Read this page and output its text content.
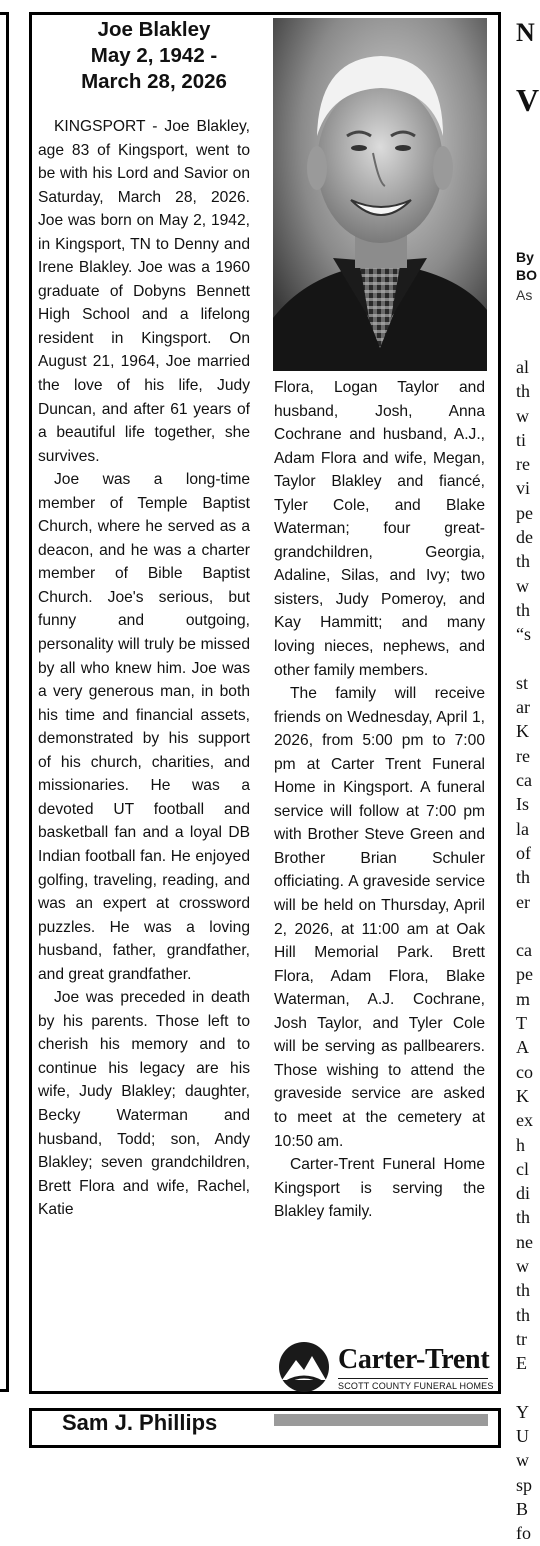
Joe Blakley
May 2, 1942 -
March 28, 2026

KINGSPORT - Joe Blakley, age 83 of Kingsport, went to be with his Lord and Savior on Saturday, March 28, 2026. Joe was born on May 2, 1942, in Kingsport, TN to Denny and Irene Blakley. Joe was a 1960 graduate of Dobyns Bennett High School and a lifelong resident in Kingsport. On August 21, 1964, Joe married the love of his life, Judy Duncan, and after 61 years of a beautiful life together, she survives.

Joe was a long-time member of Temple Baptist Church, where he served as a deacon, and he was a charter member of Bible Baptist Church. Joe's serious, but funny and outgoing, personality will truly be missed by all who knew him. Joe was a very generous man, in both his time and financial assets, demonstrated by his support of his church, charities, and missionaries. He was a devoted UT football and basketball fan and a loyal DB Indian football fan. He enjoyed golfing, traveling, reading, and was an expert at crossword puzzles. He was a loving husband, father, grandfather, and great grandfather.

Joe was preceded in death by his parents. Those left to cherish his memory and to continue his legacy are his wife, Judy Blakley; daughter, Becky Waterman and husband, Todd; son, Andy Blakley; seven grandchildren, Brett Flora and wife, Rachel, Katie

Flora, Logan Taylor and husband, Josh, Anna Cochrane and husband, A.J., Adam Flora and wife, Megan, Taylor Blakley and fiancé, Tyler Cole, and Blake Waterman; four great-grandchildren, Georgia, Adaline, Silas, and Ivy; two sisters, Judy Pomeroy, and Kay Hammitt; and many loving nieces, nephews, and other family members.

The family will receive friends on Wednesday, April 1, 2026, from 5:00 pm to 7:00 pm at Carter Trent Funeral Home in Kingsport. A funeral service will follow at 7:00 pm with Brother Steve Green and Brother Brian Schuler officiating. A graveside service will be held on Thursday, April 2, 2026, at 11:00 am at Oak Hill Memorial Park. Brett Flora, Adam Flora, Blake Waterman, A.J. Cochrane, Josh Taylor, and Tyler Cole will be serving as pallbearers. Those wishing to attend the graveside service are asked to meet at the cemetery at 10:50 am.

Carter-Trent Funeral Home Kingsport is serving the Blakley family.

Carter-Trent
SCOTT COUNTY FUNERAL HOMES
Sam J. Phillips
N
V
By
BO
As
al
th
w
ti
re
vi
pe
de
th
w
th
“s
st
ar
K
re
ca
Is
la
of
th
er
ca
pe
m
T
A
co
K
ex
h
cl
di
th
ne
w
th
th
tr
E
Y
U
w
sp
B
fo
